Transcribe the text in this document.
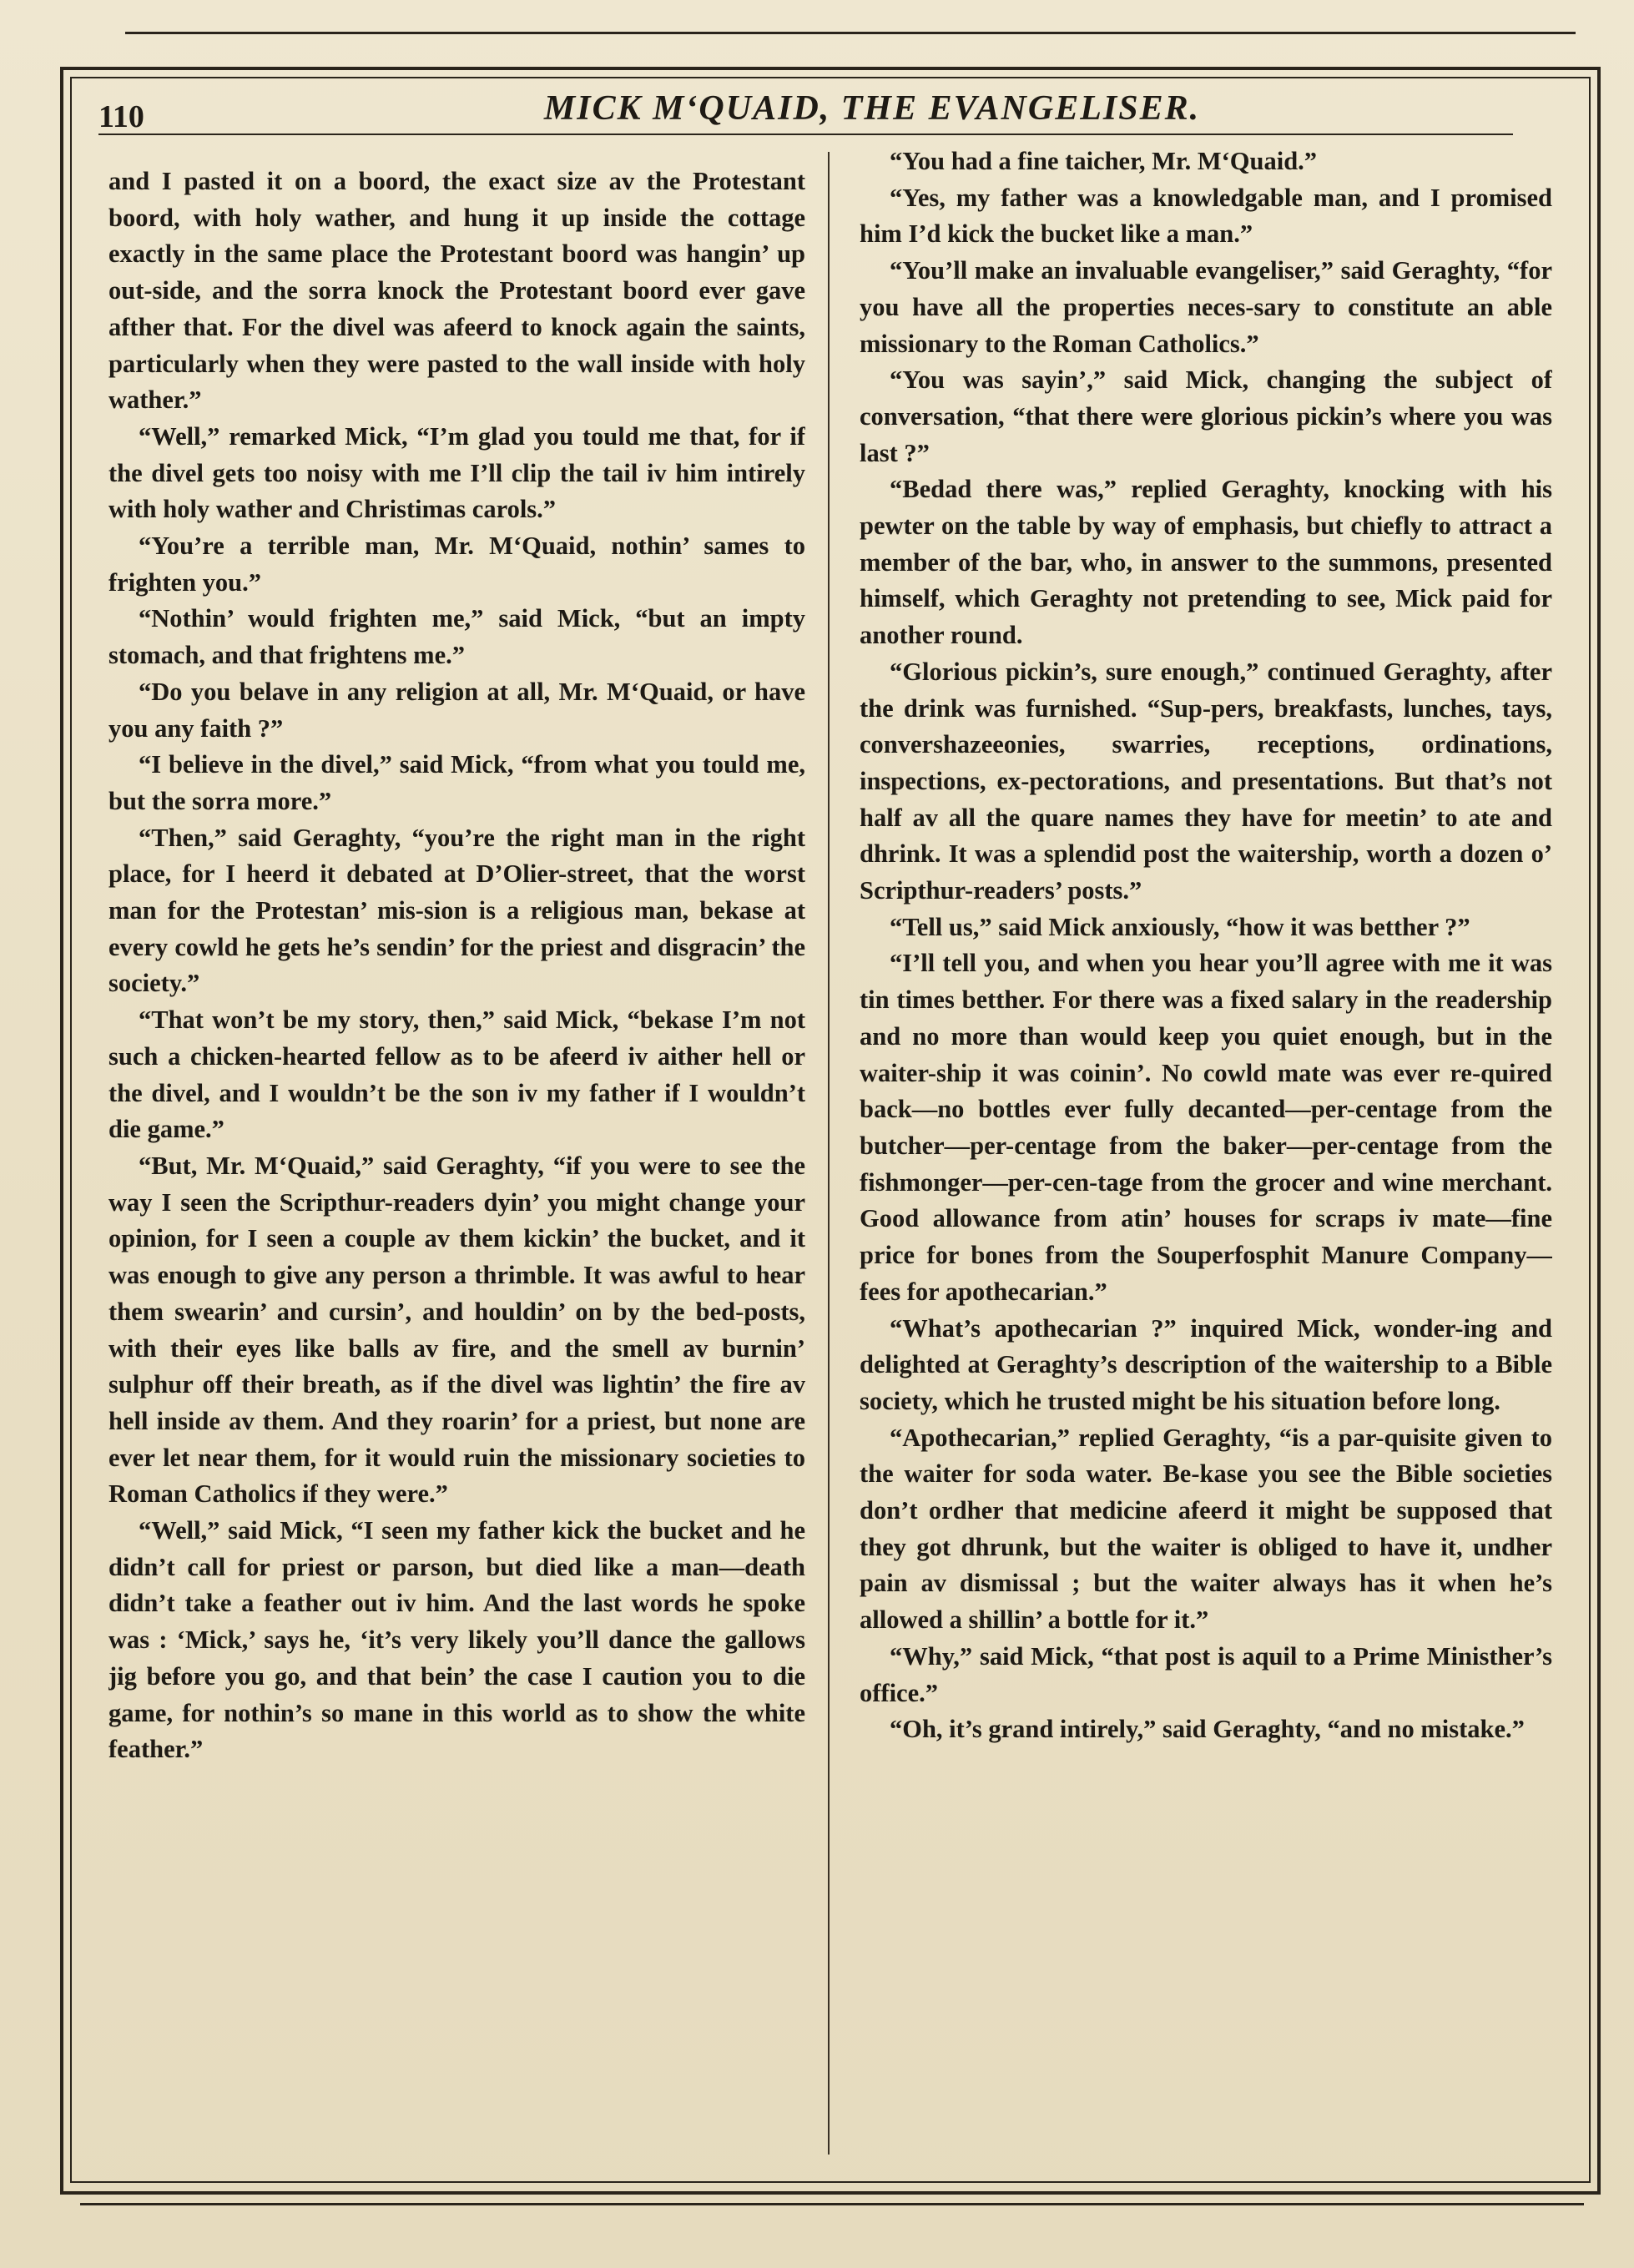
110	MICK M‘QUAID, THE EVANGELISER.

and I pasted it on a boord, the exact size av the Protestant boord, with holy wather, and hung it up inside the cottage exactly in the same place the Protestant boord was hangin’ up out-side, and the sorra knock the Protestant boord ever gave afther that. For the divel was afeerd to knock again the saints, particularly when they were pasted to the wall inside with holy wather.”

“Well,” remarked Mick, “I’m glad you tould me that, for if the divel gets too noisy with me I’ll clip the tail iv him intirely with holy wather and Christimas carols.”

“You’re a terrible man, Mr. M‘Quaid, nothin’ sames to frighten you.”

“Nothin’ would frighten me,” said Mick, “but an impty stomach, and that frightens me.”

“Do you belave in any religion at all, Mr. M‘Quaid, or have you any faith ?”

“I believe in the divel,” said Mick, “from what you tould me, but the sorra more.”

“Then,” said Geraghty, “you’re the right man in the right place, for I heerd it debated at D’Olier-street, that the worst man for the Protestan’ mis-sion is a religious man, bekase at every cowld he gets he’s sendin’ for the priest and disgracin’ the society.”

“That won’t be my story, then,” said Mick, “bekase I’m not such a chicken-hearted fellow as to be afeerd iv aither hell or the divel, and I wouldn’t be the son iv my father if I wouldn’t die game.”

“But, Mr. M‘Quaid,” said Geraghty, “if you were to see the way I seen the Scripthur-readers dyin’ you might change your opinion, for I seen a couple av them kickin’ the bucket, and it was enough to give any person a thrimble. It was awful to hear them swearin’ and cursin’, and houldin’ on by the bed-posts, with their eyes like balls av fire, and the smell av burnin’ sulphur off their breath, as if the divel was lightin’ the fire av hell inside av them. And they roarin’ for a priest, but none are ever let near them, for it would ruin the missionary societies to Roman Catholics if they were.”

“Well,” said Mick, “I seen my father kick the bucket and he didn’t call for priest or parson, but died like a man—death didn’t take a feather out iv him. And the last words he spoke was : ‘Mick,’ says he, ‘it’s very likely you’ll dance the gallows jig before you go, and that bein’ the case I caution you to die game, for nothin’s so mane in this world as to show the white feather.”

“You had a fine taicher, Mr. M‘Quaid.”

“Yes, my father was a knowledgable man, and I promised him I’d kick the bucket like a man.”

“You’ll make an invaluable evangeliser,” said Geraghty, “for you have all the properties neces-sary to constitute an able missionary to the Roman Catholics.”

“You was sayin’,” said Mick, changing the subject of conversation, “that there were glorious pickin’s where you was last ?”

“Bedad there was,” replied Geraghty, knocking with his pewter on the table by way of emphasis, but chiefly to attract a member of the bar, who, in answer to the summons, presented himself, which Geraghty not pretending to see, Mick paid for another round.

“Glorious pickin’s, sure enough,” continued Geraghty, after the drink was furnished. “Sup-pers, breakfasts, lunches, tays, convershazeeonies, swarries, receptions, ordinations, inspections, ex-pectorations, and presentations. But that’s not half av all the quare names they have for meetin’ to ate and dhrink. It was a splendid post the waitership, worth a dozen o’ Scripthur-readers’ posts.”

“Tell us,” said Mick anxiously, “how it was betther ?”

“I’ll tell you, and when you hear you’ll agree with me it was tin times betther. For there was a fixed salary in the readership and no more than would keep you quiet enough, but in the waiter-ship it was coinin’. No cowld mate was ever re-quired back—no bottles ever fully decanted—per-centage from the butcher—per-centage from the baker—per-centage from the fishmonger—per-cen-tage from the grocer and wine merchant. Good allowance from atin’ houses for scraps iv mate—fine price for bones from the Souperfosphit Manure Company—fees for apothecarian.”

“What’s apothecarian ?” inquired Mick, wonder-ing and delighted at Geraghty’s description of the waitership to a Bible society, which he trusted might be his situation before long.

“Apothecarian,” replied Geraghty, “is a par-quisite given to the waiter for soda water. Be-kase you see the Bible societies don’t ordher that medicine afeerd it might be supposed that they got dhrunk, but the waiter is obliged to have it, undher pain av dismissal ; but the waiter always has it when he’s allowed a shillin’ a bottle for it.”

“Why,” said Mick, “that post is aquil to a Prime Ministher’s office.”

“Oh, it’s grand intirely,” said Geraghty, “and no mistake.”
